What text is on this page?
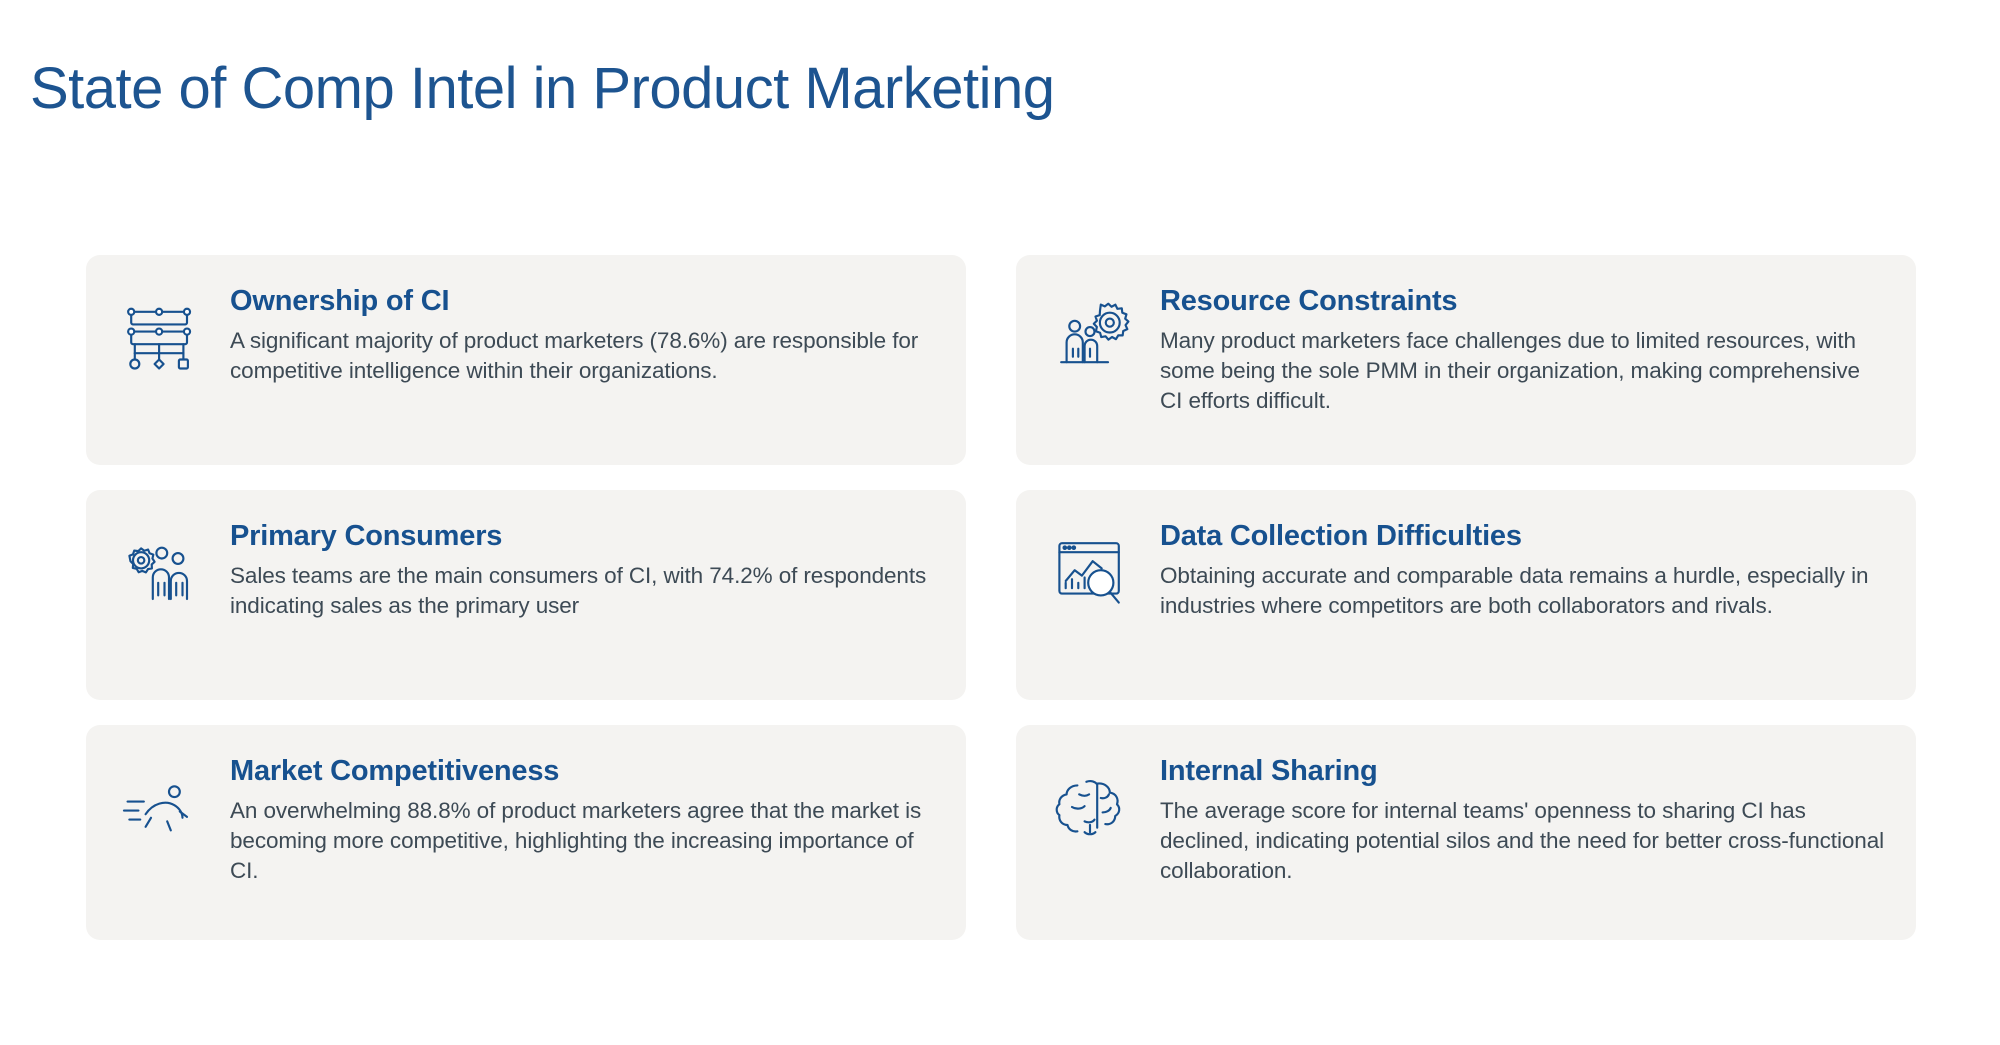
State of Comp Intel in Product Marketing
Ownership of CI

A significant majority of product marketers (78.6%) are responsible for competitive intelligence within their organizations.

Resource Constraints

Many product marketers face challenges due to limited resources, with some being the sole PMM in their organization, making comprehensive CI efforts difficult.

Primary Consumers

Sales teams are the main consumers of CI, with 74.2% of respondents indicating sales as the primary user

Data Collection Difficulties

Obtaining accurate and comparable data remains a hurdle, especially in industries where competitors are both collaborators and rivals.

Market Competitiveness

An overwhelming 88.8% of product marketers agree that the market is becoming more competitive, highlighting the increasing importance of CI.

Internal Sharing

The average score for internal teams' openness to sharing CI has declined, indicating potential silos and the need for better cross-functional collaboration.
